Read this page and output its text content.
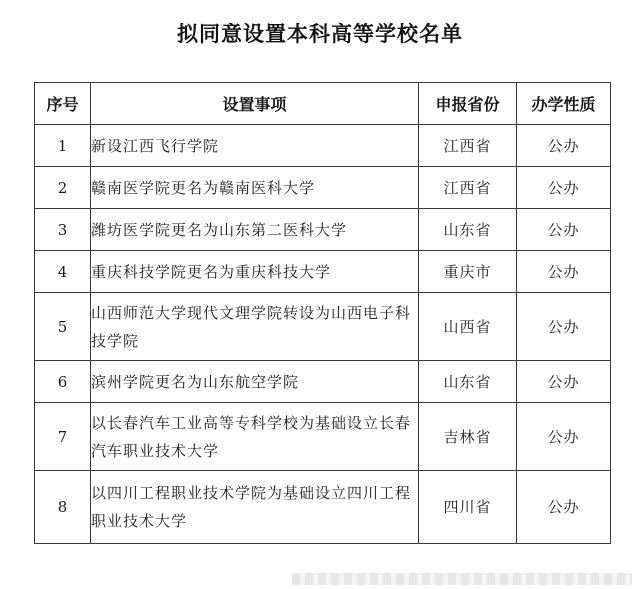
拟同意设置本科高等学校名单
序号	设置事项	申报省份	办学性质
1	新设江西飞行学院	江西省	公办
2	赣南医学院更名为赣南医科大学	江西省	公办
3	潍坊医学院更名为山东第二医科大学	山东省	公办
4	重庆科技学院更名为重庆科技大学	重庆市	公办
5	山西师范大学现代文理学院转设为山西电子科技学院	山西省	公办
6	滨州学院更名为山东航空学院	山东省	公办
7	以长春汽车工业高等专科学校为基础设立长春汽车职业技术大学	吉林省	公办
8	以四川工程职业技术学院为基础设立四川工程职业技术大学	四川省	公办
